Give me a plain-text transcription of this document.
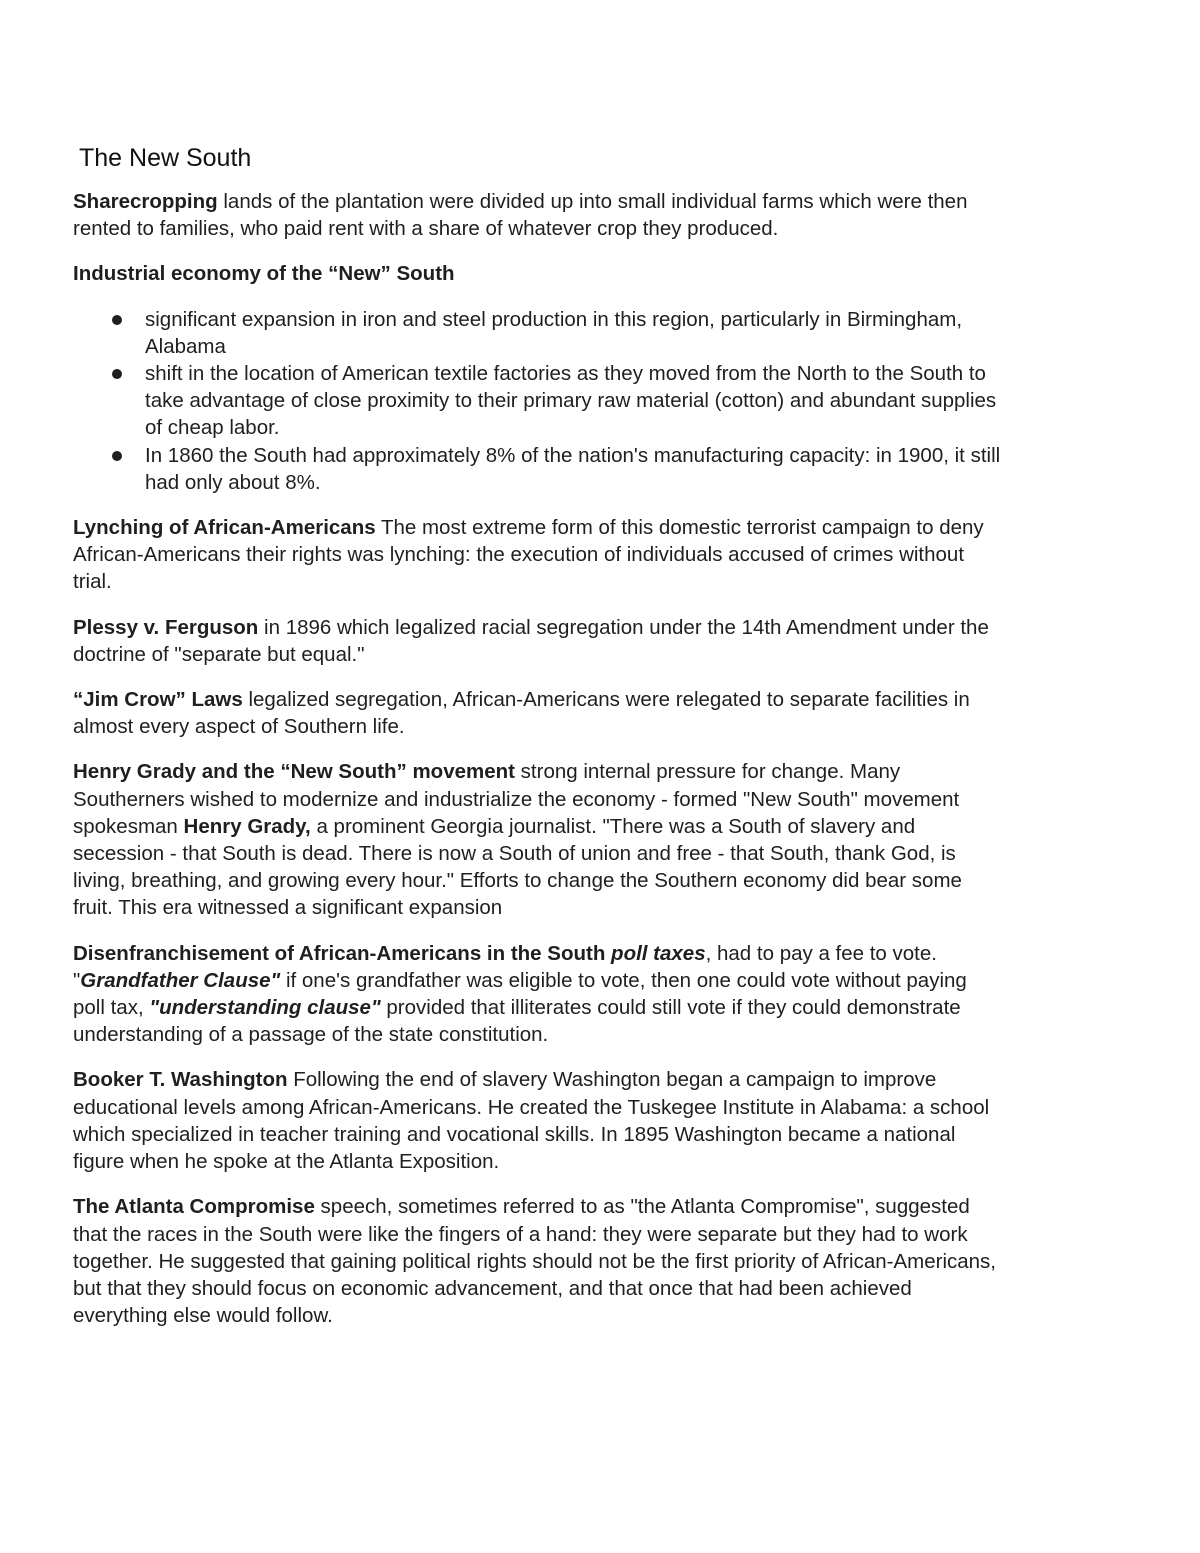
The New South

Sharecropping lands of the plantation were divided up into small individual farms which were then rented to families, who paid rent with a share of whatever crop they produced.

Industrial economy of the “New” South
significant expansion in iron and steel production in this region, particularly in Birmingham, Alabama
shift in the location of American textile factories as they moved from the North to the South to take advantage of close proximity to their primary raw material (cotton) and abundant supplies of cheap labor.
In 1860 the South had approximately 8% of the nation's manufacturing capacity: in 1900, it still had only about 8%.

Lynching of African-Americans The most extreme form of this domestic terrorist campaign to deny African-Americans their rights was lynching: the execution of individuals accused of crimes without trial.

Plessy v. Ferguson in 1896 which legalized racial segregation under the 14th Amendment under the doctrine of "separate but equal."

“Jim Crow” Laws legalized segregation, African-Americans were relegated to separate facilities in almost every aspect of Southern life.

Henry Grady and the “New South” movement strong internal pressure for change. Many Southerners wished to modernize and industrialize the economy - formed "New South" movement spokesman Henry Grady, a prominent Georgia journalist. "There was a South of slavery and secession - that South is dead. There is now a South of union and free - that South, thank God, is living, breathing, and growing every hour." Efforts to change the Southern economy did bear some fruit. This era witnessed a significant expansion

Disenfranchisement of African-Americans in the South poll taxes, had to pay a fee to vote. "Grandfather Clause" if one's grandfather was eligible to vote, then one could vote without paying poll tax, "understanding clause" provided that illiterates could still vote if they could demonstrate understanding of a passage of the state constitution.

Booker T. Washington Following the end of slavery Washington began a campaign to improve educational levels among African-Americans. He created the Tuskegee Institute in Alabama: a school which specialized in teacher training and vocational skills. In 1895 Washington became a national figure when he spoke at the Atlanta Exposition.

The Atlanta Compromise speech, sometimes referred to as "the Atlanta Compromise", suggested that the races in the South were like the fingers of a hand: they were separate but they had to work together. He suggested that gaining political rights should not be the first priority of African-Americans, but that they should focus on economic advancement, and that once that had been achieved everything else would follow.
